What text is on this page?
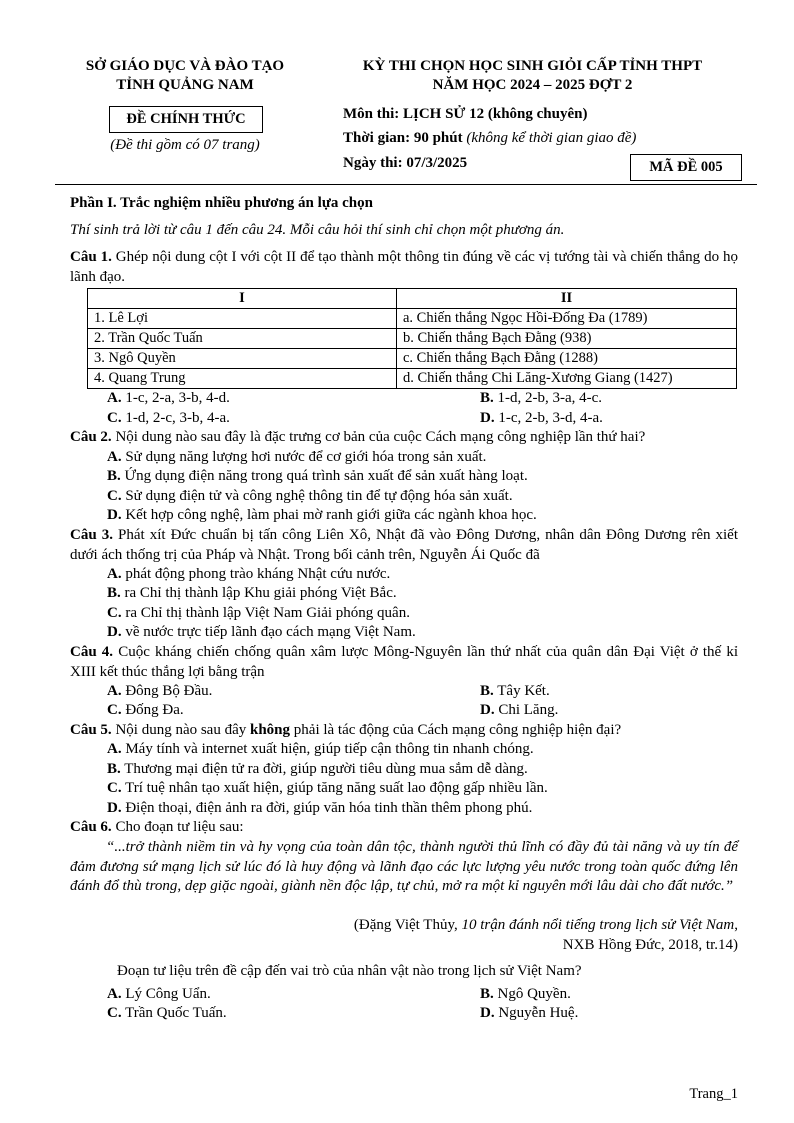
SỞ GIÁO DỤC VÀ ĐÀO TẠO
TỈNH QUẢNG NAM
ĐỀ CHÍNH THỨC
(Đề thi gồm có 07 trang)
KỲ THI CHỌN HỌC SINH GIỎI CẤP TỈNH THPT
NĂM HỌC 2024 – 2025 ĐỢT 2
Môn thi: LỊCH SỬ 12 (không chuyên)
Thời gian: 90 phút (không kể thời gian giao đề)
Ngày thi: 07/3/2025	MÃ ĐỀ 005
Phần I. Trắc nghiệm nhiều phương án lựa chọn
Thí sinh trả lời từ câu 1 đến câu 24. Mỗi câu hỏi thí sinh chỉ chọn một phương án.
Câu 1. Ghép nội dung cột I với cột II để tạo thành một thông tin đúng về các vị tướng tài và chiến thắng do họ lãnh đạo.
I	II
1. Lê Lợi	a. Chiến thắng Ngọc Hồi-Đống Đa (1789)
2. Trần Quốc Tuấn	b. Chiến thắng Bạch Đằng (938)
3. Ngô Quyền	c. Chiến thắng Bạch Đằng (1288)
4. Quang Trung	d. Chiến thắng Chi Lăng-Xương Giang (1427)
A. 1-c, 2-a, 3-b, 4-d.	B. 1-d, 2-b, 3-a, 4-c.
C. 1-d, 2-c, 3-b, 4-a.	D. 1-c, 2-b, 3-d, 4-a.
Câu 2. Nội dung nào sau đây là đặc trưng cơ bản của cuộc Cách mạng công nghiệp lần thứ hai?
A. Sử dụng năng lượng hơi nước để cơ giới hóa trong sản xuất.
B. Ứng dụng điện năng trong quá trình sản xuất để sản xuất hàng loạt.
C. Sử dụng điện tử và công nghệ thông tin để tự động hóa sản xuất.
D. Kết hợp công nghệ, làm phai mờ ranh giới giữa các ngành khoa học.
Câu 3. Phát xít Đức chuẩn bị tấn công Liên Xô, Nhật đã vào Đông Dương, nhân dân Đông Dương rên xiết dưới ách thống trị của Pháp và Nhật. Trong bối cảnh trên, Nguyễn Ái Quốc đã
A. phát động phong trào kháng Nhật cứu nước.
B. ra Chỉ thị thành lập Khu giải phóng Việt Bắc.
C. ra Chỉ thị thành lập Việt Nam Giải phóng quân.
D. về nước trực tiếp lãnh đạo cách mạng Việt Nam.
Câu 4. Cuộc kháng chiến chống quân xâm lược Mông-Nguyên lần thứ nhất của quân dân Đại Việt ở thế kỉ XIII kết thúc thắng lợi bằng trận
A. Đông Bộ Đầu.	B. Tây Kết.
C. Đống Đa.	D. Chi Lăng.
Câu 5. Nội dung nào sau đây không phải là tác động của Cách mạng công nghiệp hiện đại?
A. Máy tính và internet xuất hiện, giúp tiếp cận thông tin nhanh chóng.
B. Thương mại điện tử ra đời, giúp người tiêu dùng mua sắm dễ dàng.
C. Trí tuệ nhân tạo xuất hiện, giúp tăng năng suất lao động gấp nhiều lần.
D. Điện thoại, điện ảnh ra đời, giúp văn hóa tinh thần thêm phong phú.
Câu 6. Cho đoạn tư liệu sau:
“...trở thành niềm tin và hy vọng của toàn dân tộc, thành người thủ lĩnh có đầy đủ tài năng và uy tín để đảm đương sứ mạng lịch sử lúc đó là huy động và lãnh đạo các lực lượng yêu nước trong toàn quốc đứng lên đánh đổ thù trong, dẹp giặc ngoài, giành nền độc lập, tự chủ, mở ra một kỉ nguyên mới lâu dài cho đất nước.”
(Đặng Việt Thủy, 10 trận đánh nổi tiếng trong lịch sử Việt Nam,
NXB Hồng Đức, 2018, tr.14)
Đoạn tư liệu trên đề cập đến vai trò của nhân vật nào trong lịch sử Việt Nam?
A. Lý Công Uẩn.	B. Ngô Quyền.
C. Trần Quốc Tuấn.	D. Nguyễn Huệ.
Trang_1
